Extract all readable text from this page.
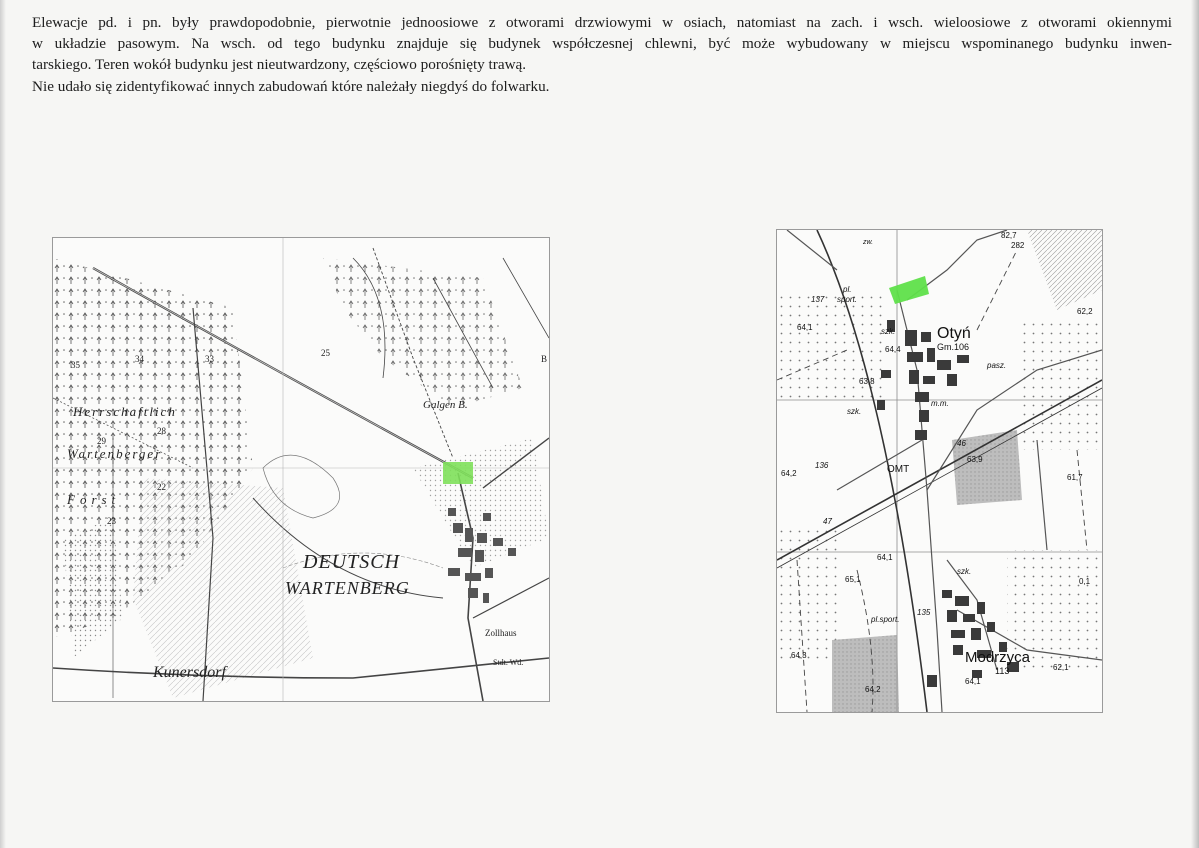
Elewacje pd. i pn. były prawdopodobnie, pierwotnie jednoosiowe z otworami drzwiowymi w osiach, natomiast na zach. i wsch. wieloosiowe z otworami okiennymi

w układzie pasowym. Na wsch. od tego budynku znajduje się budynek współczesnej chlewni, być może wybudowany w miejscu wspominanego budynku inwen-

tarskiego. Teren wokół budynku jest nieutwardzony, częściowo porośnięty trawą.

Nie udało się zidentyfikować innych zabudowań które należały niegdyś do folwarku.

DEUTSCH
WARTENBERG
Herrschaftlich
Wartenberger
Forst
Galgen B.
Kunersdorf
Zollhaus
Stdt. Wd.
35
34	33
28
29
22
23
25
B
Otyń
Gm.106
Modrzyca
pl.
sport.
pl.sport.
szk.
szk.
szk.
m.m.
pasz.
OMT
zw.
82,7
282
62,2
137
64,1
64,4
63,8
46
63,9
61,7
64,2
136
47
64,1
65,1
135
64,3
64,2
113
64,1
62,1
0,1
